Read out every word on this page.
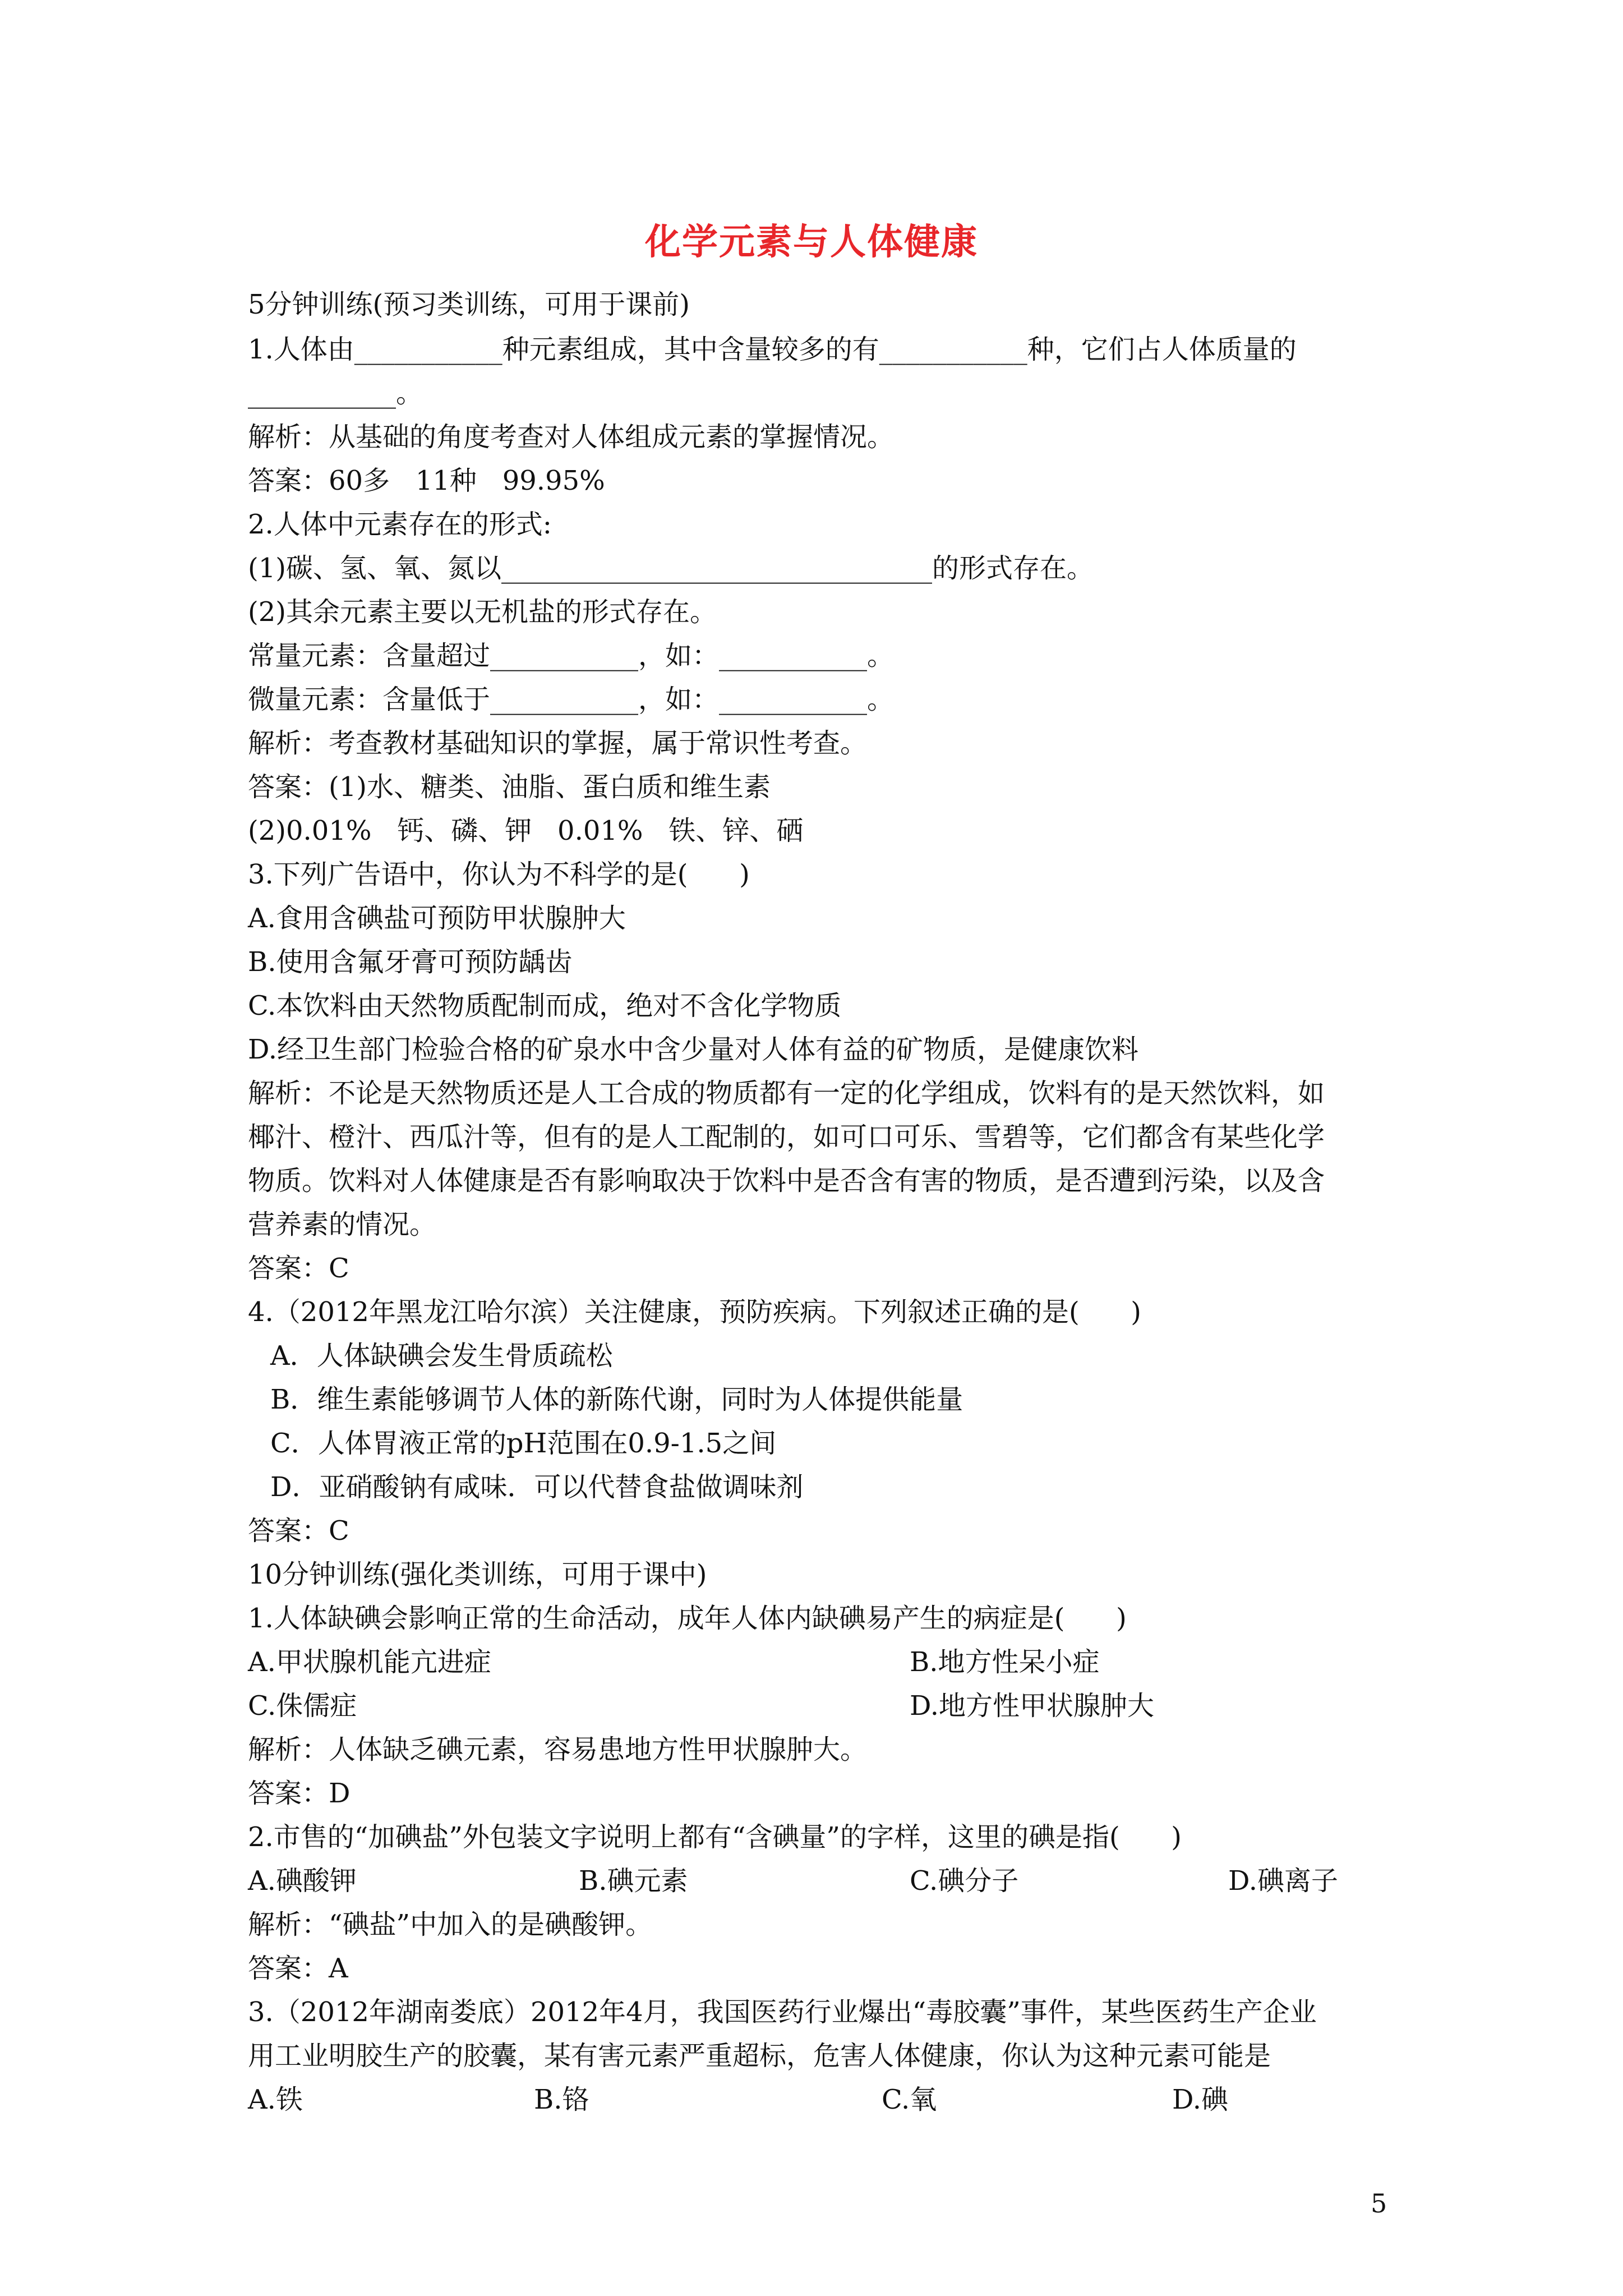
化学元素与人体健康
5分钟训练(预习类训练，可用于课前)
1.人体由___________种元素组成，其中含量较多的有___________种，它们占人体质量的
___________。
解析：从基础的角度考查对人体组成元素的掌握情况。
答案：60多   11种   99.95%
2.人体中元素存在的形式:
(1)碳、氢、氧、氮以________________________________的形式存在。
(2)其余元素主要以无机盐的形式存在。
常量元素：含量超过___________，如：___________。
微量元素：含量低于___________，如：___________。
解析：考查教材基础知识的掌握，属于常识性考查。
答案：(1)水、糖类、油脂、蛋白质和维生素
(2)0.01%   钙、磷、钾   0.01%   铁、锌、硒
3.下列广告语中，你认为不科学的是(      )
A.食用含碘盐可预防甲状腺肿大
B.使用含氟牙膏可预防龋齿
C.本饮料由天然物质配制而成，绝对不含化学物质
D.经卫生部门检验合格的矿泉水中含少量对人体有益的矿物质，是健康饮料
解析：不论是天然物质还是人工合成的物质都有一定的化学组成，饮料有的是天然饮料，如
椰汁、橙汁、西瓜汁等，但有的是人工配制的，如可口可乐、雪碧等，它们都含有某些化学
物质。饮料对人体健康是否有影响取决于饮料中是否含有害的物质，是否遭到污染，以及含
营养素的情况。
答案：C
4.（2012年黑龙江哈尔滨）关注健康，预防疾病。下列叙述正确的是(      )
A．人体缺碘会发生骨质疏松
B．维生素能够调节人体的新陈代谢，同时为人体提供能量
C．人体胃液正常的pH范围在0.9-1.5之间
D．亚硝酸钠有咸味．可以代替食盐做调味剂
答案：C
10分钟训练(强化类训练，可用于课中)
1.人体缺碘会影响正常的生命活动，成年人体内缺碘易产生的病症是(      )
A.甲状腺机能亢进症	B.地方性呆小症
C.侏儒症	D.地方性甲状腺肿大
解析：人体缺乏碘元素，容易患地方性甲状腺肿大。
答案：D
2.市售的“加碘盐”外包装文字说明上都有“含碘量”的字样，这里的碘是指(      )
A.碘酸钾	B.碘元素	C.碘分子	D.碘离子
解析：“碘盐”中加入的是碘酸钾。
答案：A
3.（2012年湖南娄底）2012年4月，我国医药行业爆出“毒胶囊”事件，某些医药生产企业
用工业明胶生产的胶囊，某有害元素严重超标，危害人体健康，你认为这种元素可能是
A.铁	B.铬	C.氧	D.碘
5
